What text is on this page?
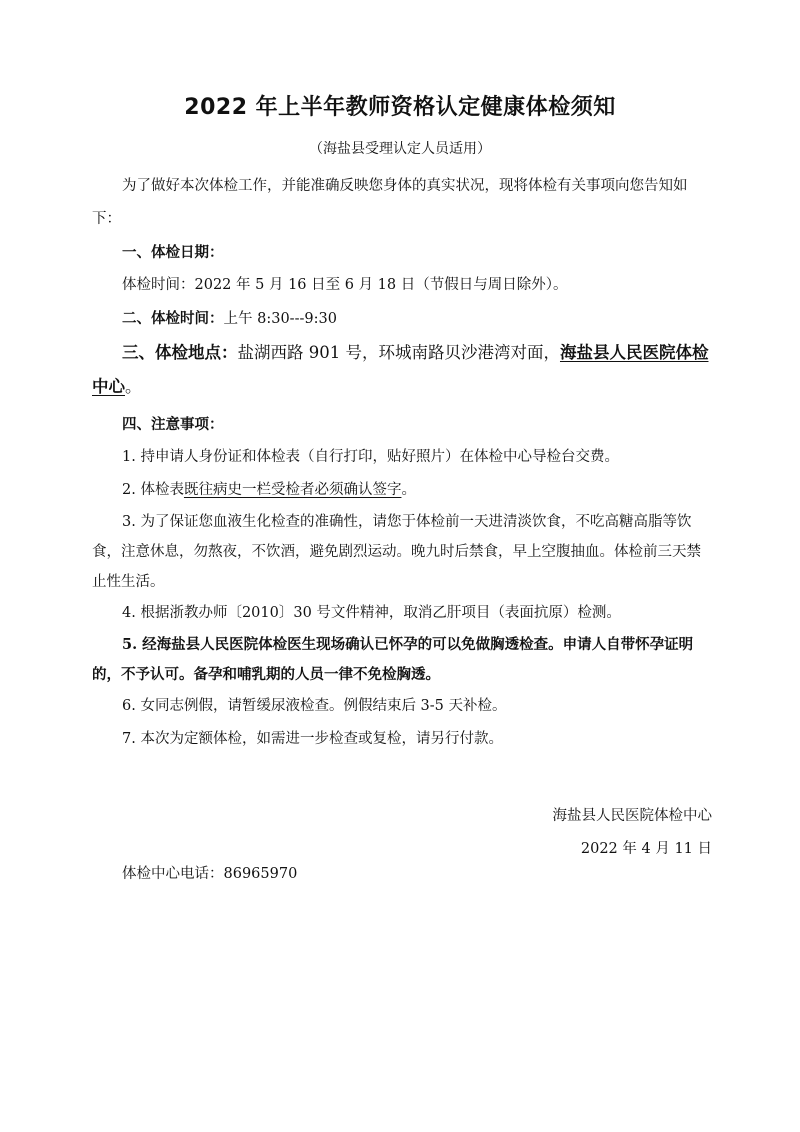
2022 年上半年教师资格认定健康体检须知
（海盐县受理认定人员适用）

为了做好本次体检工作，并能准确反映您身体的真实状况，现将体检有关事项向您告知如下：

一、体检日期：

体检时间：2022 年 5 月 16 日至 6 月 18 日（节假日与周日除外）。

二、体检时间：上午 8:30---9:30

三、体检地点：盐湖西路 901 号，环城南路贝沙港湾对面，海盐县人民医院体检中心。

四、注意事项：

1. 持申请人身份证和体检表（自行打印，贴好照片）在体检中心导检台交费。

2. 体检表既往病史一栏受检者必须确认签字。

3. 为了保证您血液生化检查的准确性，请您于体检前一天进清淡饮食，不吃高糖高脂等饮食，注意休息，勿熬夜，不饮酒，避免剧烈运动。晚九时后禁食，早上空腹抽血。体检前三天禁止性生活。

4. 根据浙教办师〔2010〕30 号文件精神，取消乙肝项目（表面抗原）检测。

5. 经海盐县人民医院体检医生现场确认已怀孕的可以免做胸透检查。申请人自带怀孕证明的，不予认可。备孕和哺乳期的人员一律不免检胸透。

6. 女同志例假，请暂缓尿液检查。例假结束后 3-5 天补检。

7. 本次为定额体检，如需进一步检查或复检，请另行付款。

海盐县人民医院体检中心

2022 年 4 月 11 日

体检中心电话：86965970
